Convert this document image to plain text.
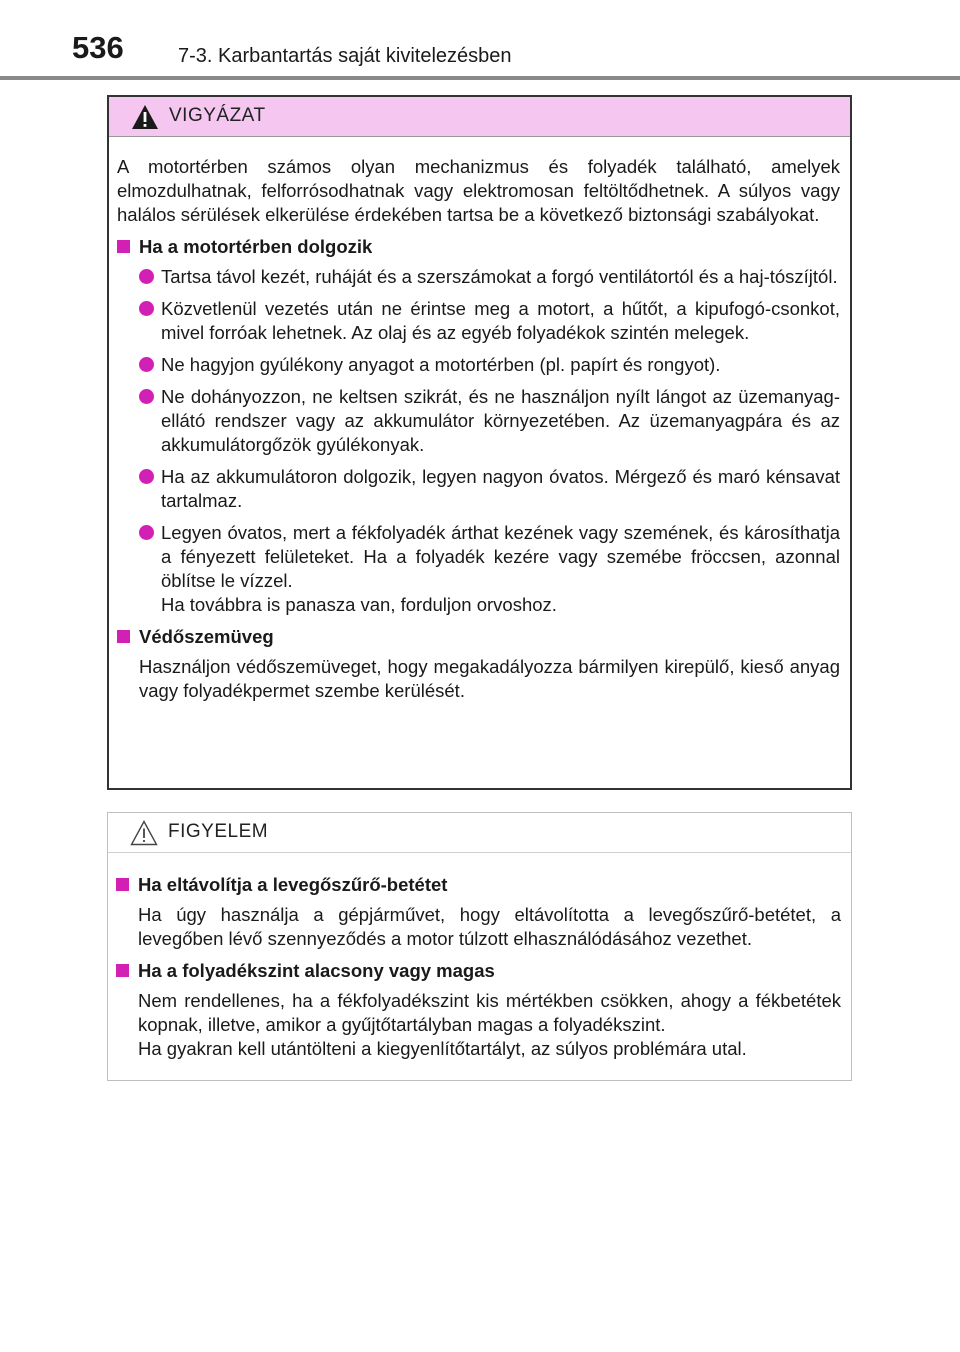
536	7-3. Karbantartás saját kivitelezésben
VIGYÁZAT

A motortérben számos olyan mechanizmus és folyadék található, amelyek elmozdulhatnak, felforrósodhatnak vagy elektromosan feltöltődhetnek. A súlyos vagy halálos sérülések elkerülése érdekében tartsa be a következő biztonsági szabályokat.

Ha a motortérben dolgozik
Tartsa távol kezét, ruháját és a szerszámokat a forgó ventilátortól és a haj-tószíjtól.
Közvetlenül vezetés után ne érintse meg a motort, a hűtőt, a kipufogó-csonkot, mivel forróak lehetnek. Az olaj és az egyéb folyadékok szintén melegek.
Ne hagyjon gyúlékony anyagot a motortérben (pl. papírt és rongyot).
Ne dohányozzon, ne keltsen szikrát, és ne használjon nyílt lángot az üzemanyag-ellátó rendszer vagy az akkumulátor környezetében. Az üzemanyagpára és az akkumulátorgőzök gyúlékonyak.
Ha az akkumulátoron dolgozik, legyen nagyon óvatos. Mérgező és maró kénsavat tartalmaz.
Legyen óvatos, mert a fékfolyadék árthat kezének vagy szemének, és károsíthatja a fényezett felületeket. Ha a folyadék kezére vagy szemébe fröccsen, azonnal öblítse le vízzel.
Ha továbbra is panasza van, forduljon orvoshoz.
Védőszemüveg

Használjon védőszemüveget, hogy megakadályozza bármilyen kirepülő, kieső anyag vagy folyadékpermet szembe kerülését.

FIGYELEM
Ha eltávolítja a levegőszűrő-betétet

Ha úgy használja a gépjárművet, hogy eltávolította a levegőszűrő-betétet, a levegőben lévő szennyeződés a motor túlzott elhasználódásához vezethet.

Ha a folyadékszint alacsony vagy magas
Nem rendellenes, ha a fékfolyadékszint kis mértékben csökken, ahogy a fékbetétek kopnak, illetve, amikor a gyűjtőtartályban magas a folyadékszint.
Ha gyakran kell utántölteni a kiegyenlítőtartályt, az súlyos problémára utal.
